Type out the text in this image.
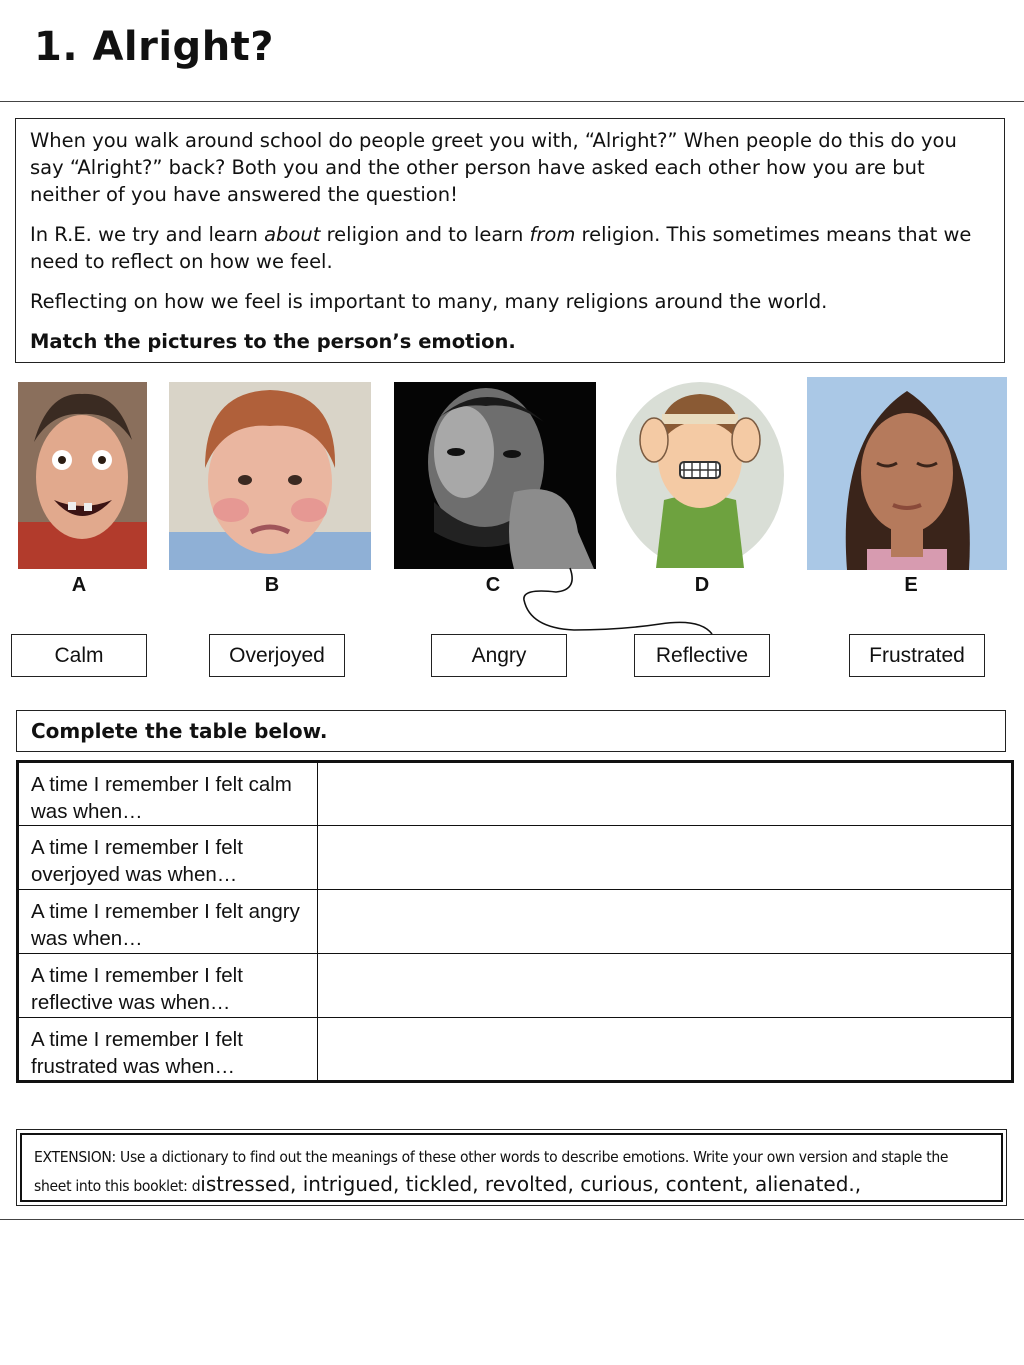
1. Alright?

When you walk around school do people greet you with, “Alright?” When people do this do you say “Alright?” back? Both you and the other person have asked each other how you are but neither of you have answered the question!

In R.E. we try and learn about religion and to learn from religion. This sometimes means that we need to reflect on how we feel.

Reflecting on how we feel is important to many, many religions around the world.

Match the pictures to the person’s emotion.

A	B	C	D	E
Calm	Overjoyed	Angry	Reflective	Frustrated
Complete the table below.
A time I remember I felt calm was when…	
A time I remember I felt overjoyed was when…	
A time I remember I felt angry was when…	
A time I remember I felt reflective was when…	
A time I remember I felt frustrated was when…	
EXTENSION: Use a dictionary to find out the meanings of these other words to describe emotions. Write your own version and staple the sheet into this booklet: distressed, intrigued, tickled, revolted, curious, content, alienated.,
